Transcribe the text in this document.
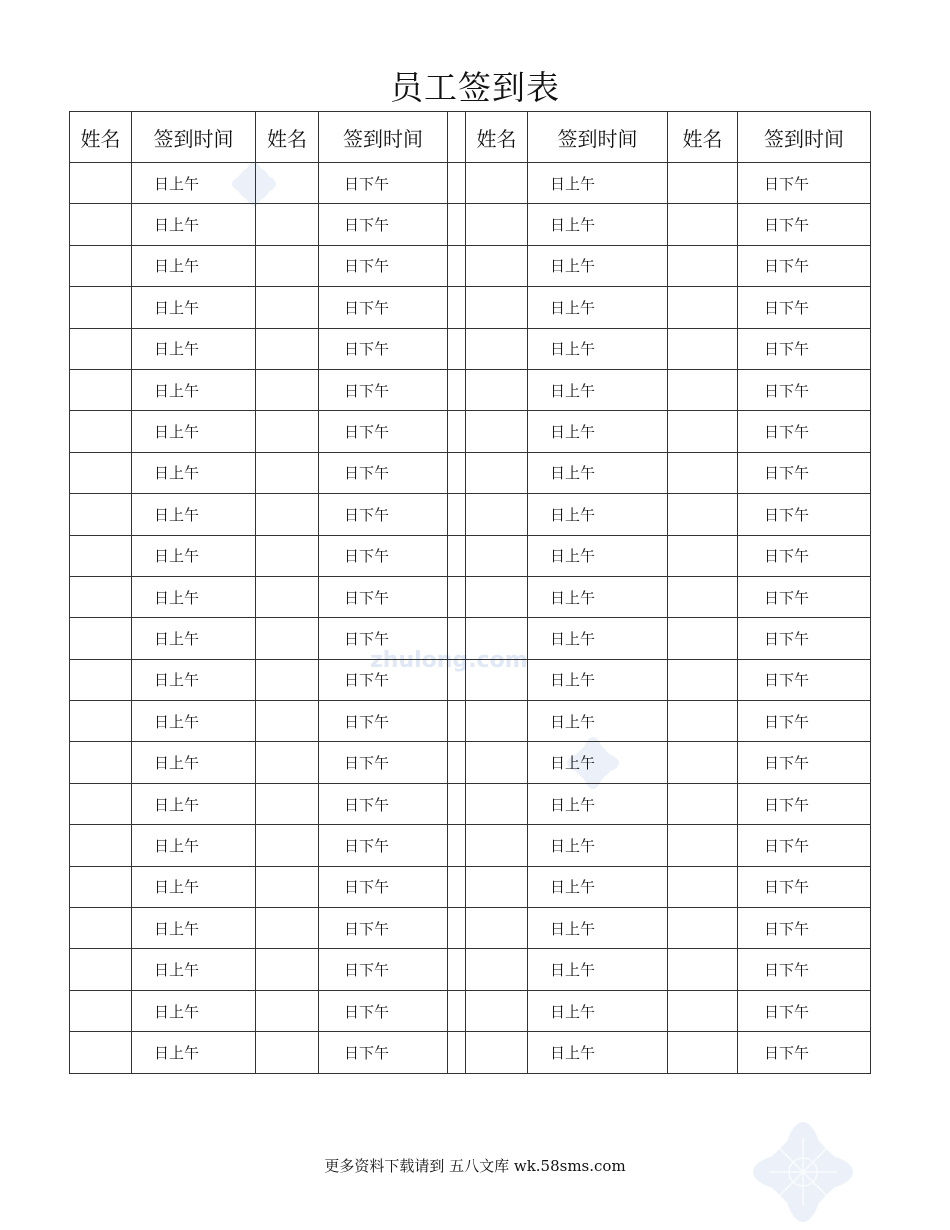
zhulong.com
员工签到表
姓名	签到时间	姓名	签到时间		姓名	签到时间	姓名	签到时间
	日上午		日下午			日上午		日下午
	日上午		日下午			日上午		日下午
	日上午		日下午			日上午		日下午
	日上午		日下午			日上午		日下午
	日上午		日下午			日上午		日下午
	日上午		日下午			日上午		日下午
	日上午		日下午			日上午		日下午
	日上午		日下午			日上午		日下午
	日上午		日下午			日上午		日下午
	日上午		日下午			日上午		日下午
	日上午		日下午			日上午		日下午
	日上午		日下午			日上午		日下午
	日上午		日下午			日上午		日下午
	日上午		日下午			日上午		日下午
	日上午		日下午			日上午		日下午
	日上午		日下午			日上午		日下午
	日上午		日下午			日上午		日下午
	日上午		日下午			日上午		日下午
	日上午		日下午			日上午		日下午
	日上午		日下午			日上午		日下午
	日上午		日下午			日上午		日下午
	日上午		日下午			日上午		日下午
更多资料下载请到 五八文库 wk.58sms.com
